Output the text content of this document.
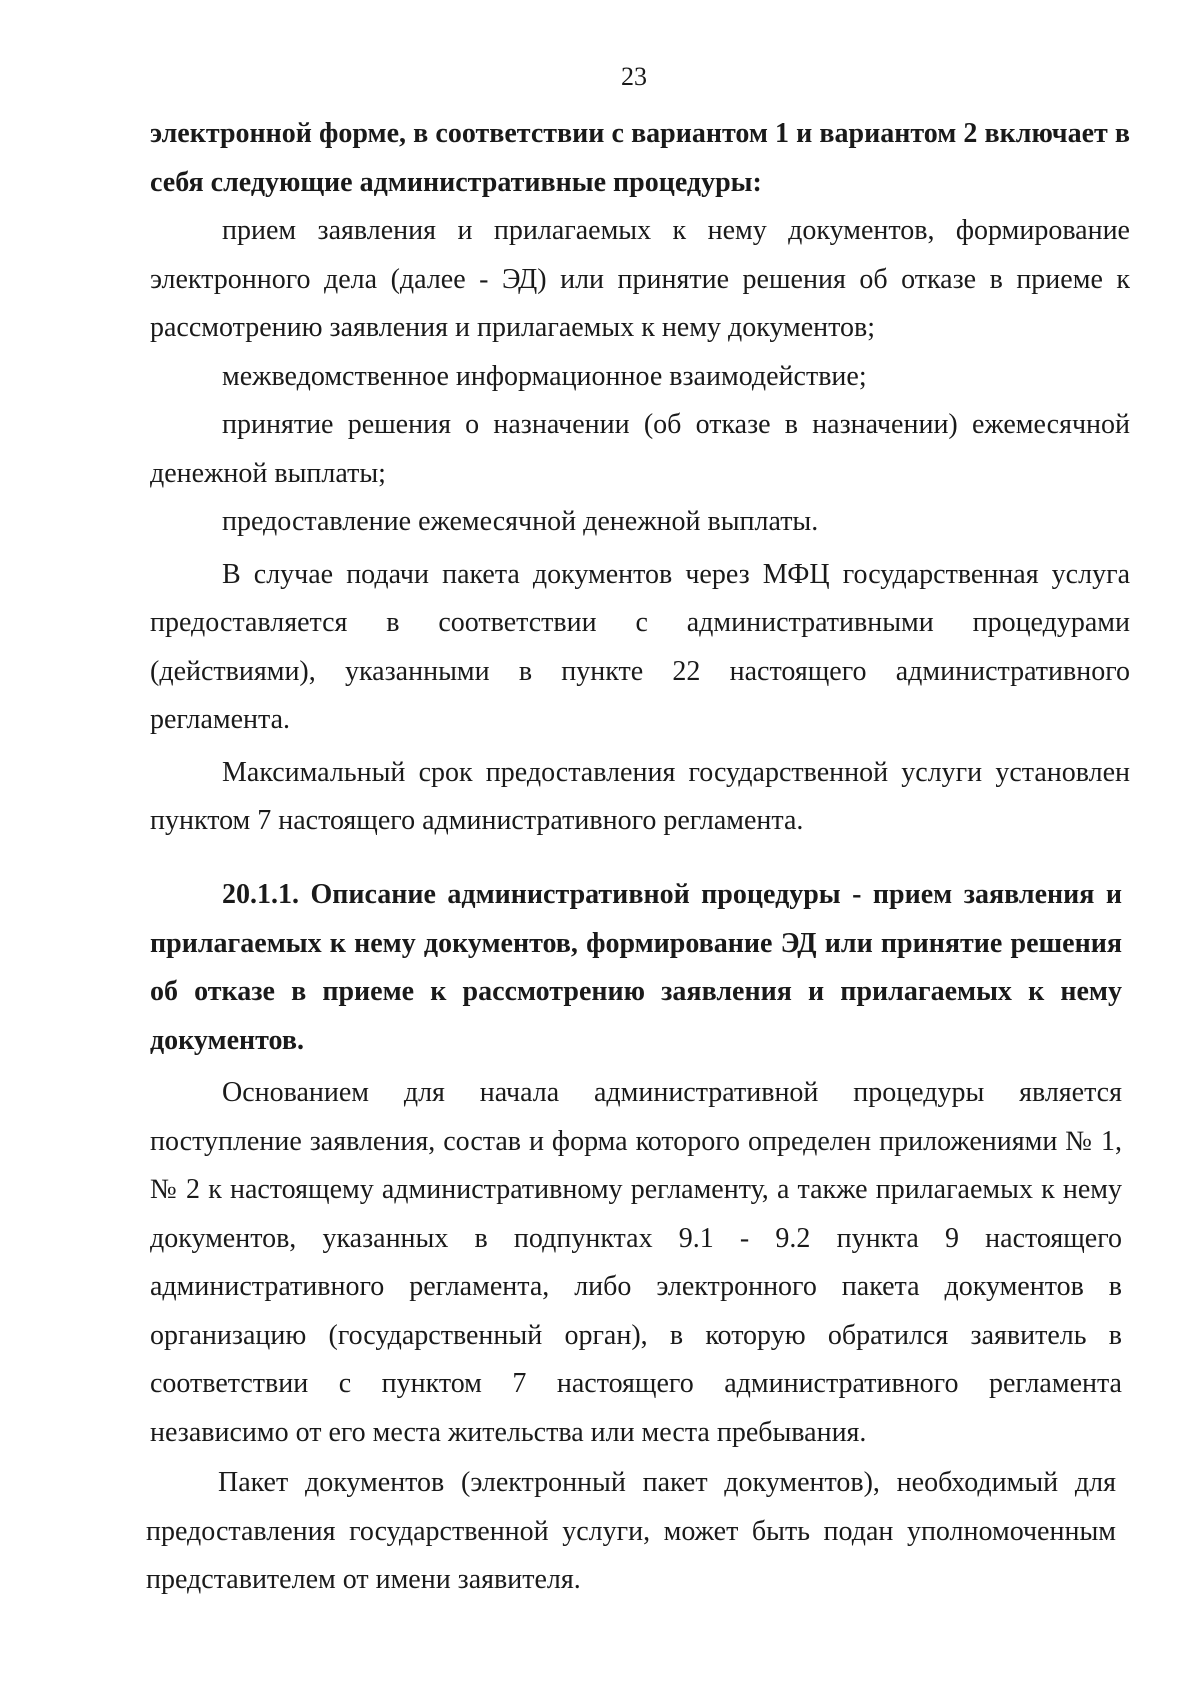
23

электронной форме, в соответствии с вариантом 1 и вариантом 2 включает в себя следующие административные процедуры:

прием заявления и прилагаемых к нему документов, формирование электронного дела (далее - ЭД) или принятие решения об отказе в приеме к рассмотрению заявления и прилагаемых к нему документов;

межведомственное информационное взаимодействие;

принятие решения о назначении (об отказе в назначении) ежемесячной денежной выплаты;

предоставление ежемесячной денежной выплаты.

В случае подачи пакета документов через МФЦ государственная услуга предоставляется в соответствии с административными процедурами (действиями), указанными в пункте 22 настоящего административного регламента.

Максимальный срок предоставления государственной услуги установлен пунктом 7 настоящего административного регламента.

20.1.1. Описание административной процедуры - прием заявления и прилагаемых к нему документов, формирование ЭД или принятие решения об отказе в приеме к рассмотрению заявления и прилагаемых к нему документов.

Основанием для начала административной процедуры является поступление заявления, состав и форма которого определен приложениями № 1, № 2 к настоящему административному регламенту, а также прилагаемых к нему документов, указанных в подпунктах 9.1 - 9.2 пункта 9 настоящего административного регламента, либо электронного пакета документов в организацию (государственный орган), в которую обратился заявитель в соответствии с пунктом 7 настоящего административного регламента независимо от его места жительства или места пребывания.

Пакет документов (электронный пакет документов), необходимый для предоставления государственной услуги, может быть подан уполномоченным представителем от имени заявителя.
